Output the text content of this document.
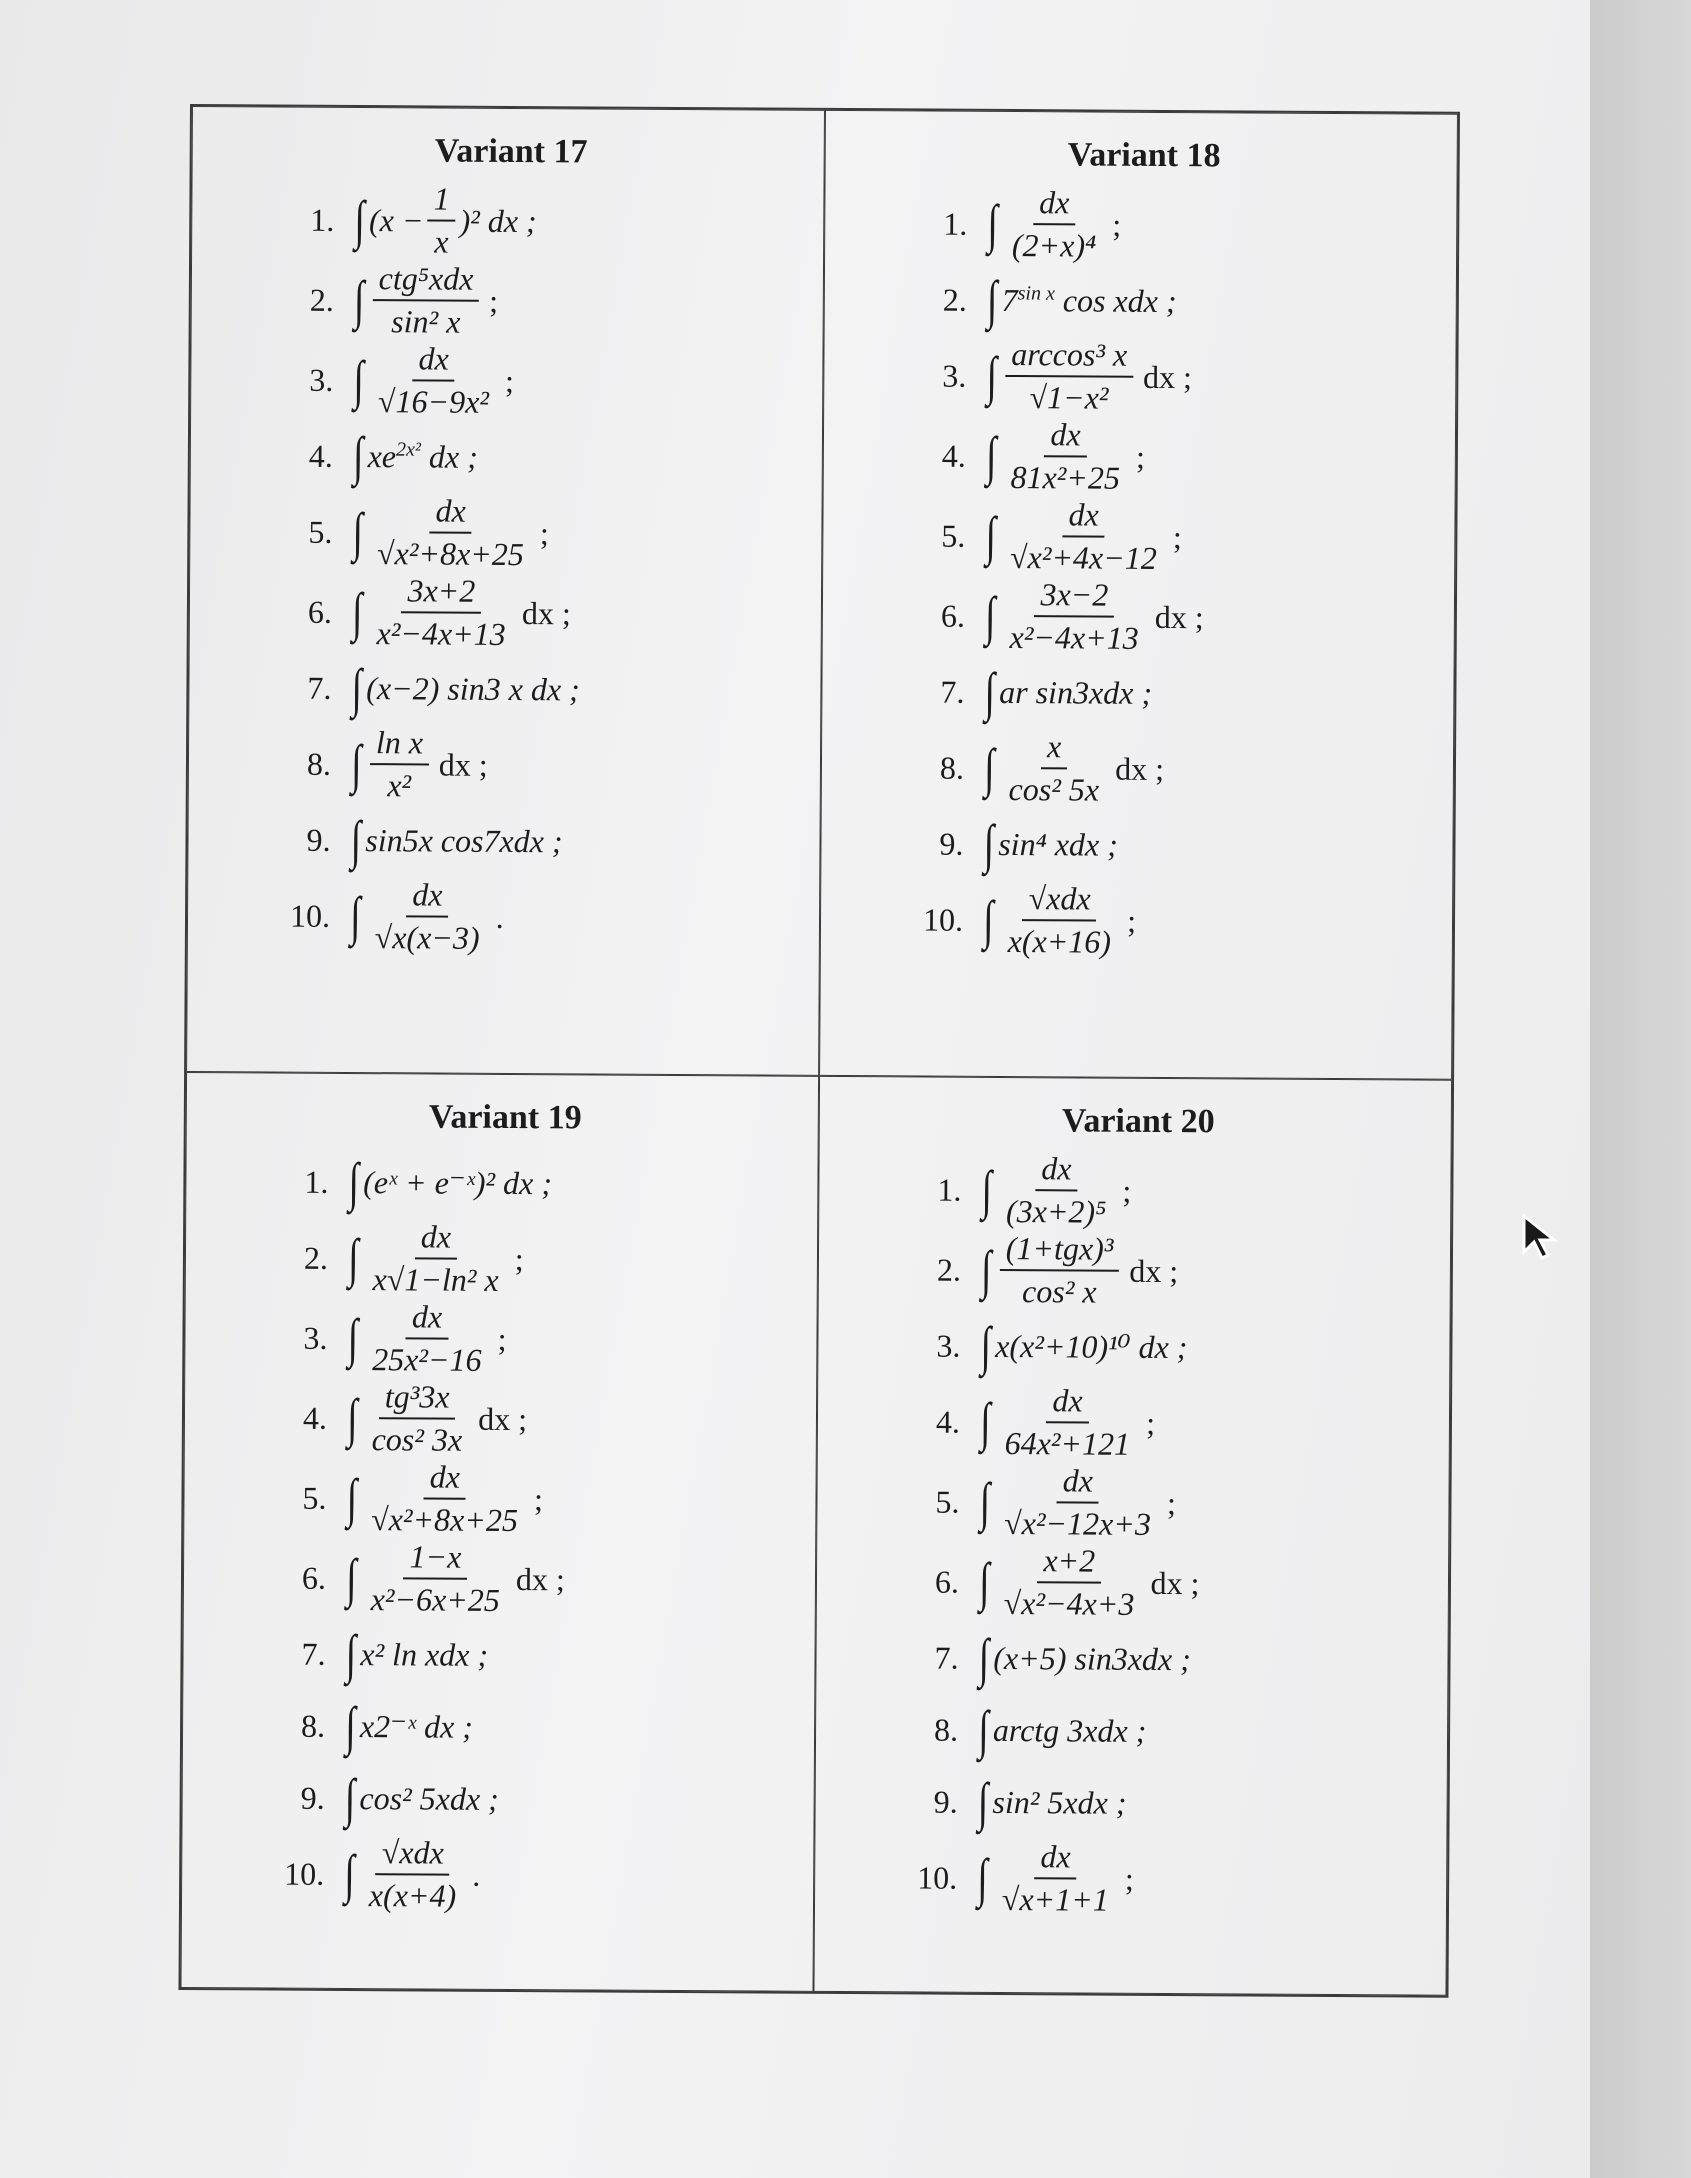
Variant 17
1. ∫ $(x - \frac{1}{x} )^2$ dx ;
2. ∫ $\frac{\text{ctg⁵xdx}}{\text{sin² x}}$ ;
3. ∫ $\frac{dx}{\text{√16−9x²}}$ ;
4. ∫ $xe^{2x^2}$ dx ;
5. ∫ $\frac{dx}{\text{√x²+8x+25}}$ ;
6. ∫ $\frac{3x+2}{\text{x²−4x+13}}$ dx ;
7. ∫ (x−2) sin3 x dx ;
8. ∫ $\frac{\text{ln x}}{\text{x²}}$ dx ;
9. ∫ sin5x cos7xdx ;
10. ∫ $\frac{dx}{√x(x-3)}$ .
Variant 18
1. ∫ $\frac{dx}{\text{(2+x)⁴}}$ ;
2. ∫ $7^{sin x}$ cos xdx ;
3. ∫ $\frac{\text{arccos³ x}}{\text{√1−x²}}$ dx ;
4. ∫ $\frac{dx}{\text{81x²+25}}$ ;
5. ∫ $\frac{dx}{\text{√x²+4x−12}}$ ;
6. ∫ $\frac{3x-2}{\text{x²−4x+13}}$ dx ;
7. ∫ ar sin3xdx ;
8. ∫ $\frac{x}{\text{cos² 5x}}$ dx ;
9. ∫ sin⁴ xdx ;
10. ∫ $\frac{\text{√xdx}}{x(x+16)}$ ;
Variant 19
1. ∫ (eˣ + e⁻ˣ)² dx ;
2. ∫ $\frac{dx}{\text{x√1−ln² x}}$ ;
3. ∫ $\frac{dx}{\text{25x²−16}}$ ;
4. ∫ $\frac{\text{tg³3x}}{\text{cos² 3x}}$ dx ;
5. ∫ $\frac{dx}{\text{√x²+8x+25}}$ ;
6. ∫ $\frac{1-x}{\text{x²−6x+25}}$ dx ;
7. ∫ x² ln xdx ;
8. ∫ x2⁻ˣ dx ;
9. ∫ cos² 5xdx ;
10. ∫ $\frac{\text{√xdx}}{x(x+4)}$ .
Variant 20
1. ∫ $\frac{dx}{\text{(3x+2)⁵}}$ ;
2. ∫ $\frac{\text{(1+tgx)³}}{\text{cos² x}}$ dx ;
3. ∫ x(x²+10)¹⁰ dx ;
4. ∫ $\frac{dx}{\text{64x²+121}}$ ;
5. ∫ $\frac{dx}{\text{√x²−12x+3}}$ ;
6. ∫ $\frac{x+2}{\text{√x²−4x+3}}$ dx ;
7. ∫ (x+5) sin3xdx ;
8. ∫ arctg 3xdx ;
9. ∫ sin² 5xdx ;
10. ∫ $\frac{dx}{√x+1+1}$ ;
